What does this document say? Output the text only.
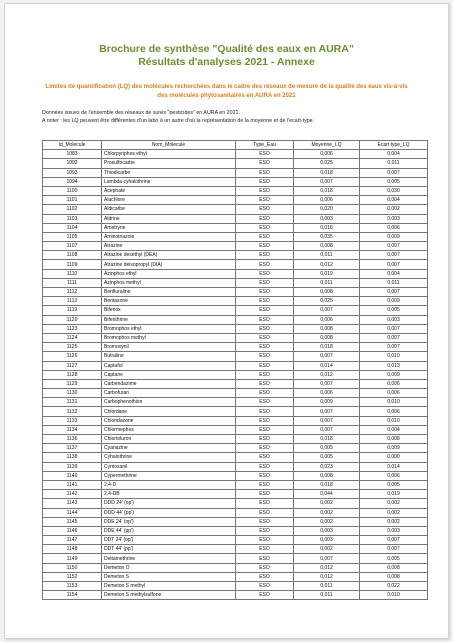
Brochure de synthèse "Qualité des eaux en AURA"
Résultats d'analyses 2021 - Annexe
Limites de quantification (LQ) des molécules recherchées dans le cadre des réseaux de mesure de la qualité des eaux vis-à-vis des molécules phytosanitaires en AURA en 2021
Données issues de l'ensemble des réseaux de suivis "pesticides" en AURA en 2021.
A noter : les LQ peuvent être différentes d'un labo à un autre d'où la représentation de la moyenne et de l'ecart-type.
Id_Molecule	Nom_Molecule	Type_Eau	Moyenne_LQ	Ecart type_LQ
1083	Chlorpyriphos ethyl	ESO	0,006	0,004
1092	Prosulfocarbe	ESO	0,025	0,011
1093	Thiodicarbe	ESO	0,018	0,007
1094	Lambda cyhalothrine	ESO	0,007	0,005
1100	Acephate	ESO	0,018	0,030
1101	Alachlore	ESO	0,006	0,004
1102	Aldicarbe	ESO	0,020	0,002
1103	Aldrine	ESO	0,003	0,003
1104	Ametryne	ESO	0,016	0,006
1105	Aminotriazole	ESO	0,035	0,009
1107	Atrazine	ESO	0,008	0,007
1108	Atrazine desethyl (DEA)	ESO	0,011	0,007
1109	Atrazine deisopropyl (DIA)	ESO	0,012	0,007
1110	Azinphos ethyl	ESO	0,019	0,004
1111	Azinphos methyl	ESO	0,011	0,011
1112	Benfluraline	ESO	0,008	0,007
1113	Bentazone	ESO	0,025	0,009
1119	Bifenox	ESO	0,007	0,005
1120	Bifenthrine	ESO	0,006	0,003
1123	Bromophos ethyl	ESO	0,008	0,007
1124	Bromophos methyl	ESO	0,008	0,007
1125	Bromoxynil	ESO	0,018	0,007
1126	Butraline	ESO	0,007	0,010
1127	Captafol	ESO	0,014	0,013
1128	Captane	ESO	0,012	0,009
1129	Carbendazime	ESO	0,007	0,006
1130	Carbofuran	ESO	0,006	0,006
1131	Carbophenothion	ESO	0,009	0,010
1132	Chlordane	ESO	0,007	0,006
1133	Chloridazone	ESO	0,007	0,010
1134	Chlormephos	ESO	0,007	0,004
1136	Chlortoluron	ESO	0,018	0,008
1137	Cyanazine	ESO	0,005	0,009
1138	Cyhalothrine	ESO	0,005	0,000
1139	Cymoxanil	ESO	0,023	0,014
1140	Cypermethrine	ESO	0,008	0,006
1141	2,4-D	ESO	0,018	0,005
1142	2,4-DB	ESO	0,044	0,019
1143	DDD 24' (op')	ESO	0,002	0,002
1144	DDD 44' (pp')	ESO	0,002	0,002
1145	DDE 24' (op')	ESO	0,002	0,002
1146	DDE 44' (pp')	ESO	0,003	0,003
1147	DDT 24' (op')	ESO	0,003	0,007
1148	DDT 44' (pp')	ESO	0,002	0,007
1149	Deltamethrine	ESO	0,007	0,005
1150	Demeton O	ESO	0,012	0,008
1152	Demeton S	ESO	0,012	0,008
1153	Demeton S methyl	ESO	0,011	0,022
1154	Demeton S methylsulfone	ESO	0,011	0,010
